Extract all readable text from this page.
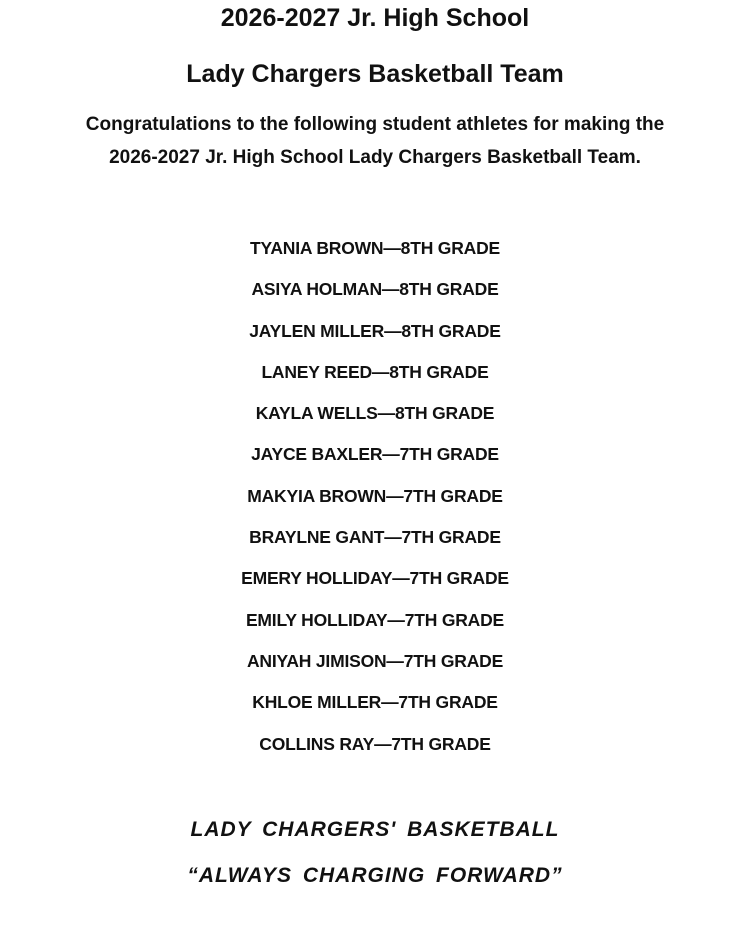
2026-2027 Jr. High School
Lady Chargers Basketball Team
Congratulations to the following student athletes for making the
2026-2027 Jr. High School Lady Chargers Basketball Team.
TYANIA BROWN—8TH GRADE
ASIYA HOLMAN—8TH GRADE
JAYLEN MILLER—8TH GRADE
LANEY REED—8TH GRADE
KAYLA WELLS—8TH GRADE
JAYCE BAXLER—7TH GRADE
MAKYIA BROWN—7TH GRADE
BRAYLNE GANT—7TH GRADE
EMERY HOLLIDAY—7TH GRADE
EMILY HOLLIDAY—7TH GRADE
ANIYAH JIMISON—7TH GRADE
KHLOE MILLER—7TH GRADE
COLLINS RAY—7TH GRADE
LADY CHARGERS' BASKETBALL
“ALWAYS CHARGING FORWARD”
